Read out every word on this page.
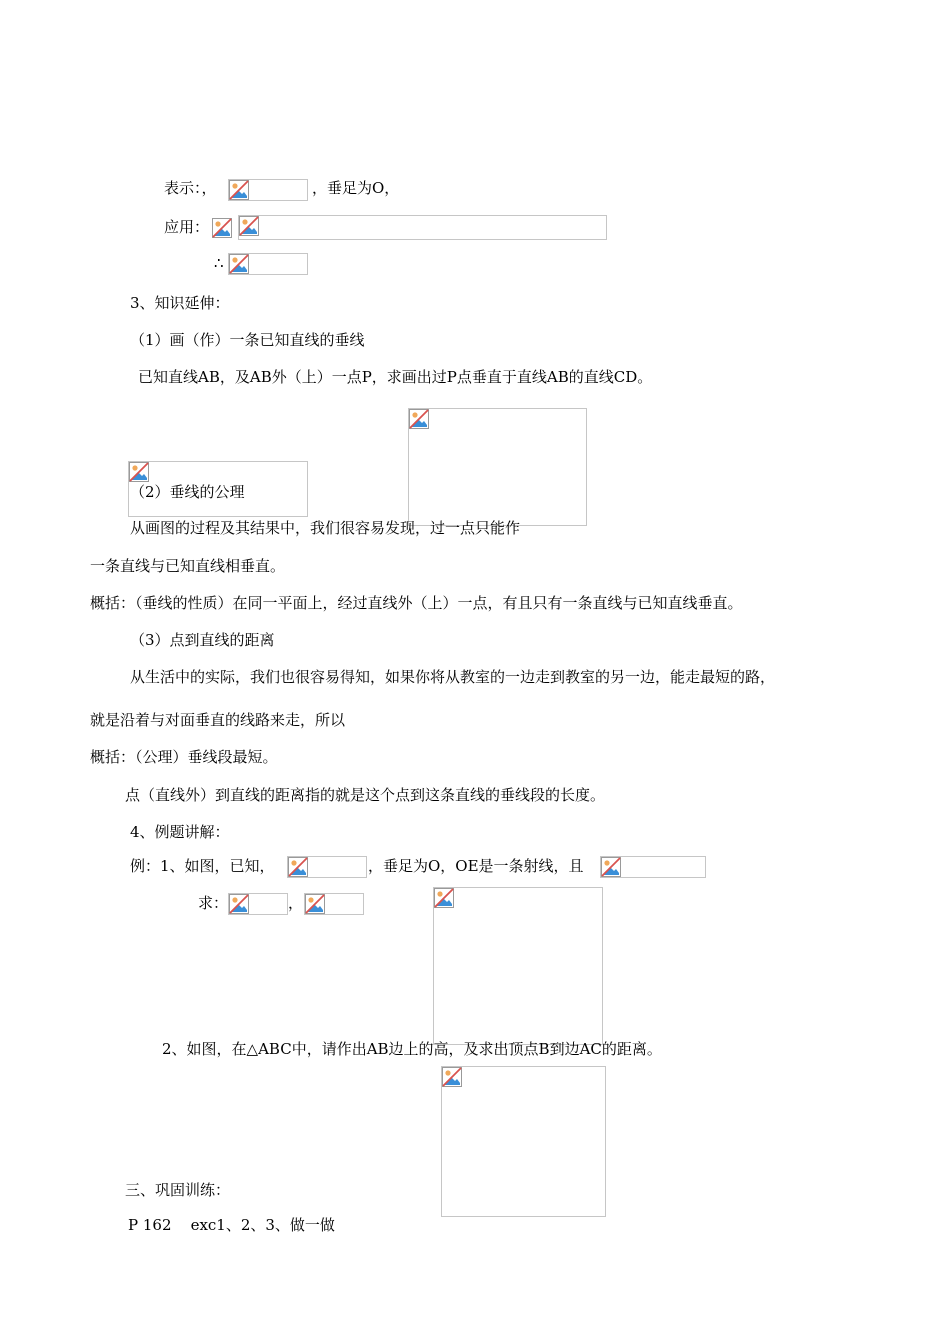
表示：，	，垂足为O，
应用：
∴
3、知识延伸：
（1）画（作）一条已知直线的垂线
已知直线AB，及AB外（上）一点P，求画出过P点垂直于直线AB的直线CD。
（2）垂线的公理
从画图的过程及其结果中，我们很容易发现，过一点只能作
一条直线与已知直线相垂直。
概括：（垂线的性质）在同一平面上，经过直线外（上）一点，有且只有一条直线与已知直线垂直。
（3）点到直线的距离
从生活中的实际，我们也很容易得知，如果你将从教室的一边走到教室的另一边，能走最短的路，
就是沿着与对面垂直的线路来走，所以
概括：（公理）垂线段最短。
点（直线外）到直线的距离指的就是这个点到这条直线的垂线段的长度。
4、例题讲解：
例：1、如图，已知，	，垂足为O，OE是一条射线，且
求：	，
2、如图，在△ABC中，请作出AB边上的高，及求出顶点B到边AC的距离。
三、巩固训练：
P 162    exc1、2、3、做一做
